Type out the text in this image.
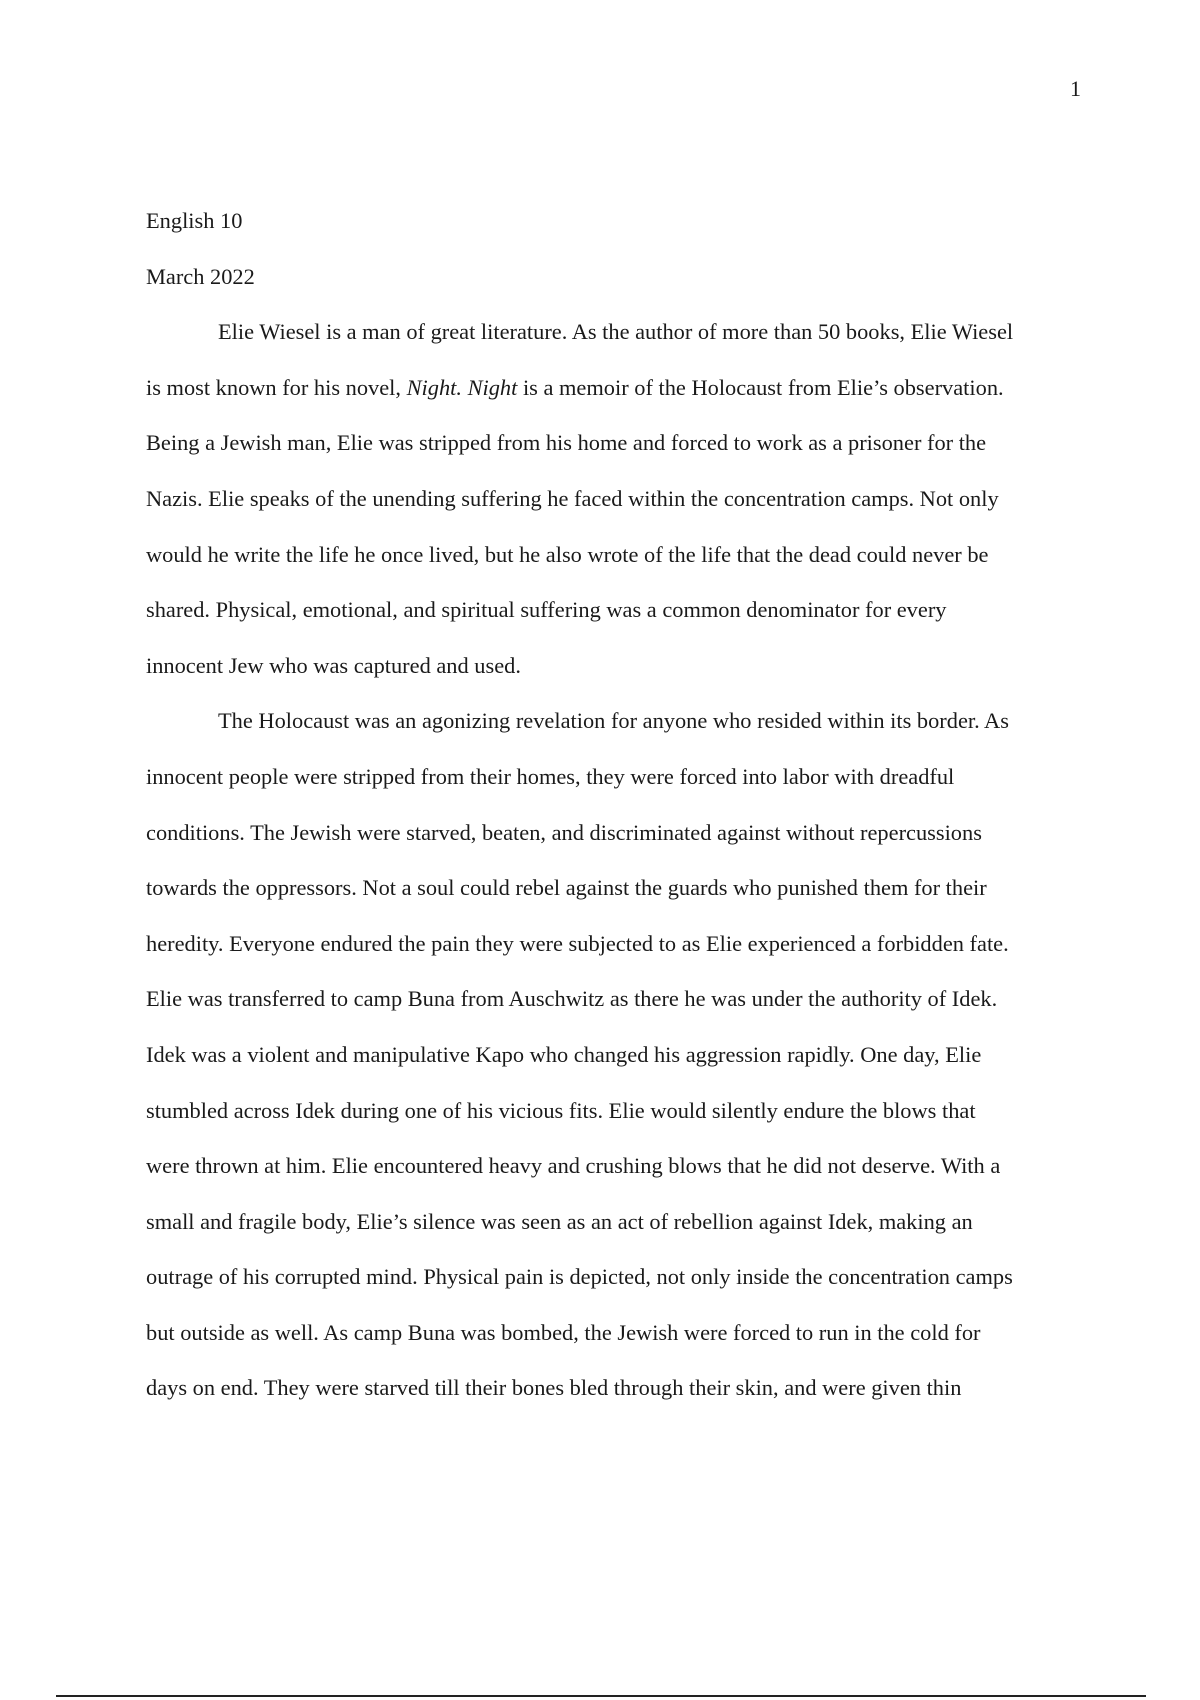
1

English 10

March 2022

Elie Wiesel is a man of great literature. As the author of more than 50 books, Elie Wiesel
is most known for his novel, Night. Night is a memoir of the Holocaust from Elie’s observation.
Being a Jewish man, Elie was stripped from his home and forced to work as a prisoner for the
Nazis. Elie speaks of the unending suffering he faced within the concentration camps. Not only
would he write the life he once lived, but he also wrote of the life that the dead could never be
shared. Physical, emotional, and spiritual suffering was a common denominator for every
innocent Jew who was captured and used.
The Holocaust was an agonizing revelation for anyone who resided within its border. As
innocent people were stripped from their homes, they were forced into labor with dreadful
conditions. The Jewish were starved, beaten, and discriminated against without repercussions
towards the oppressors. Not a soul could rebel against the guards who punished them for their
heredity. Everyone endured the pain they were subjected to as Elie experienced a forbidden fate.
Elie was transferred to camp Buna from Auschwitz as there he was under the authority of Idek.
Idek was a violent and manipulative Kapo who changed his aggression rapidly. One day, Elie
stumbled across Idek during one of his vicious fits. Elie would silently endure the blows that
were thrown at him. Elie encountered heavy and crushing blows that he did not deserve. With a
small and fragile body, Elie’s silence was seen as an act of rebellion against Idek, making an
outrage of his corrupted mind. Physical pain is depicted, not only inside the concentration camps
but outside as well. As camp Buna was bombed, the Jewish were forced to run in the cold for
days on end. They were starved till their bones bled through their skin, and were given thin
